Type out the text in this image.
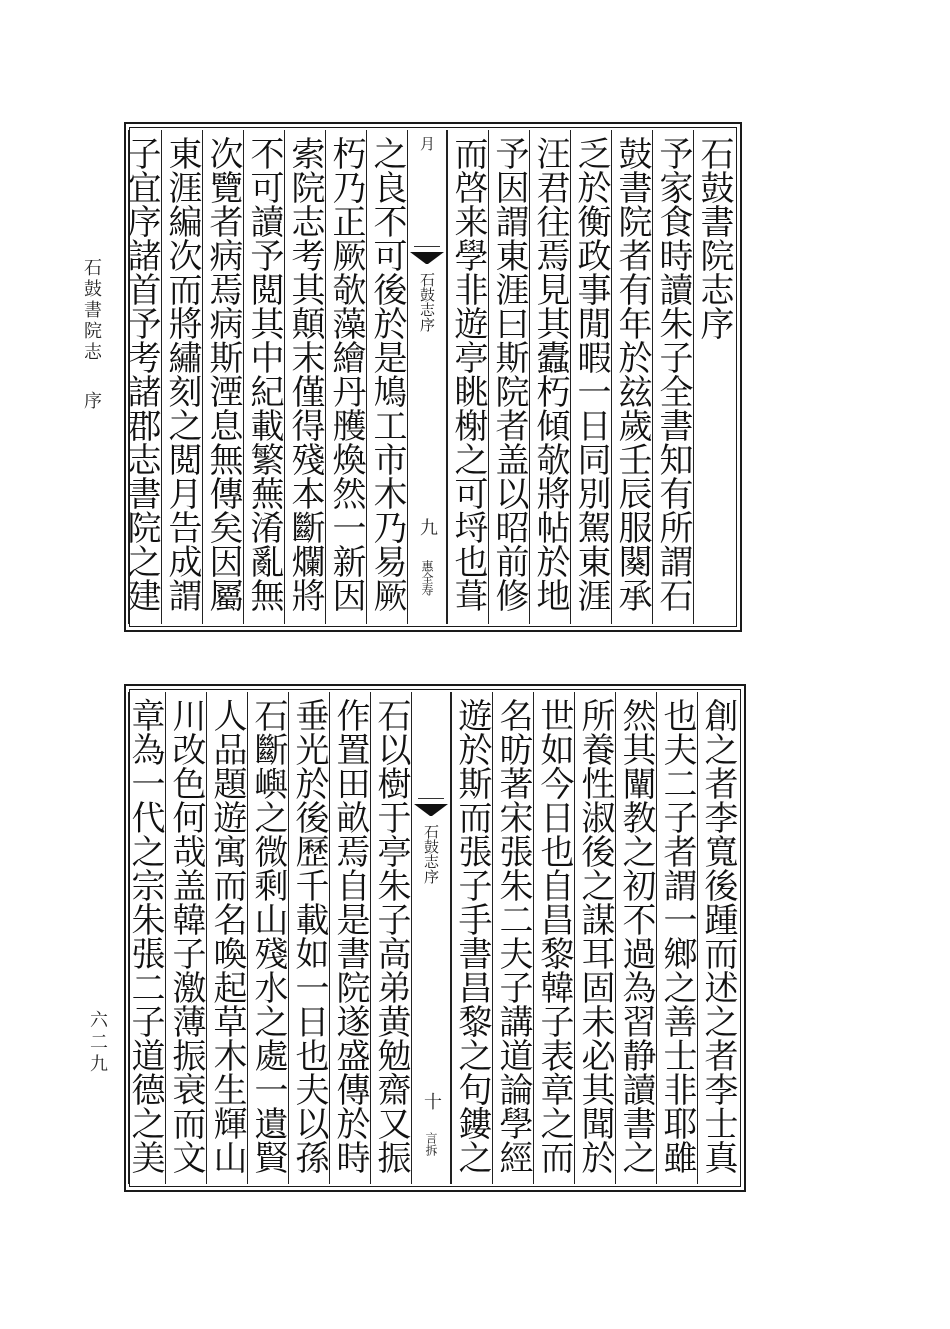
石鼓書院志序
六二九
石鼓書院志序
予家食時讀朱子全書知有所謂石
鼓書院者有年於玆歲壬辰服闋承
乏於衡政事閒暇一日同別駕東涯
汪君往焉見其蠹朽傾欹將帖於地
予因謂東涯曰斯院者盖以昭前修
而啓来學非遊亭眺榭之可埒也葺
月
石鼓志序
九
惠全寿
之良不可後於是鳩工市木乃易厥
朽乃正厥欹藻繪丹雘煥然一新因
索院志考其顛末僅得殘本斷爛將
不可讀予閲其中紀載繁蕪淆亂無
次覽者病焉病斯湮息無傳矣因屬
東涯編次而將繡刻之閲月告成謂
子宜序諸首予考諸郡志書院之建
創之者李寬後踵而述之者李士真
也夫二子者謂一鄉之善士非耶雖
然其闡教之初不過為習静讀書之
所養性淑後之謀耳固未必其聞於
世如今日也自昌黎韓子表章之而
名昉著宋張朱二夫子講道論學經
遊於斯而張子手書昌黎之句鏤之
石鼓志序
十
言拆
石以樹于亭朱子高弟黄勉齋又振
作置田畝焉自是書院遂盛傳於時
垂光於後歷千載如一日也夫以孫
石斷嶼之微剩山殘水之處一遺賢
人品題遊寓而名喚起草木生輝山
川改色何哉盖韓子激薄振衰而文
章為一代之宗朱張二子道德之美
